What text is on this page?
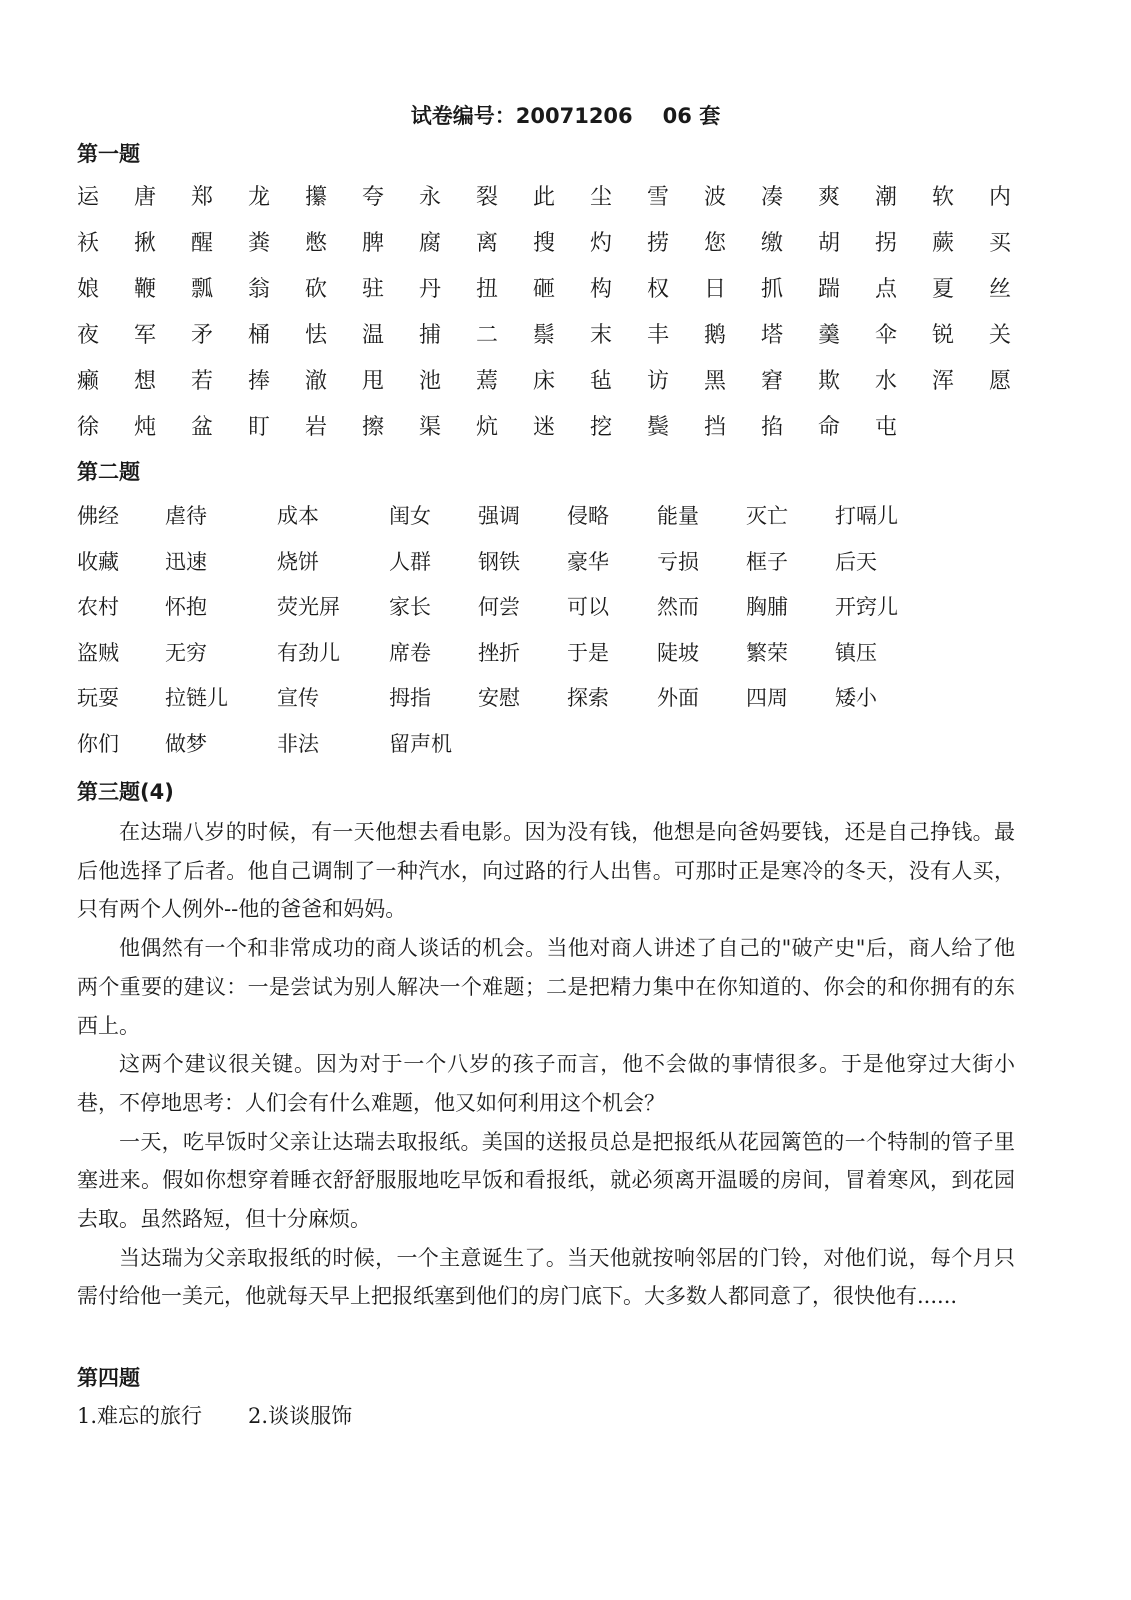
试卷编号：20071206 06 套
第一题
运	唐	郑	龙	攥	夸	永	裂	此	尘	雪	波	凑	爽	潮	软	内
袄	揪	醒	粪	憋	脾	腐	离	搜	灼	捞	您	缴	胡	拐	蕨	买
娘	鞭	瓢	翁	砍	驻	丹	扭	砸	构	权	日	抓	踹	点	夏	丝
夜	军	矛	桶	怯	温	捕	二	鬃	末	丰	鹅	塔	羹	伞	锐	关
癞	想	若	捧	澈	甩	池	蔫	床	毡	访	黑	窘	欺	水	浑	愿
徐	炖	盆	盯	岩	擦	渠	炕	迷	挖	鬓	挡	掐	命	屯
第二题
佛经 虐待	成本	闺女 强调 侵略 能量 灭亡 打嗝儿
收藏 迅速	烧饼	人群 钢铁 豪华 亏损 框子 后天
农村 怀抱	荧光屏 家长 何尝 可以 然而 胸脯 开窍儿
盗贼 无穷	有劲儿 席卷 挫折 于是 陡坡 繁荣 镇压
玩耍 拉链儿 宣传	拇指 安慰 探索 外面 四周 矮小
你们 做梦	非法	留声机
第三题(4)

在达瑞八岁的时候，有一天他想去看电影。因为没有钱，他想是向爸妈要钱，还是自己挣钱。最后他选择了后者。他自己调制了一种汽水，向过路的行人出售。可那时正是寒冷的冬天，没有人买，只有两个人例外--他的爸爸和妈妈。

他偶然有一个和非常成功的商人谈话的机会。当他对商人讲述了自己的"破产史"后，商人给了他两个重要的建议：一是尝试为别人解决一个难题；二是把精力集中在你知道的、你会的和你拥有的东西上。

这两个建议很关键。因为对于一个八岁的孩子而言，他不会做的事情很多。于是他穿过大街小巷，不停地思考：人们会有什么难题，他又如何利用这个机会？

一天，吃早饭时父亲让达瑞去取报纸。美国的送报员总是把报纸从花园篱笆的一个特制的管子里塞进来。假如你想穿着睡衣舒舒服服地吃早饭和看报纸，就必须离开温暖的房间，冒着寒风，到花园去取。虽然路短，但十分麻烦。

当达瑞为父亲取报纸的时候，一个主意诞生了。当天他就按响邻居的门铃，对他们说，每个月只需付给他一美元，他就每天早上把报纸塞到他们的房门底下。大多数人都同意了，很快他有......

第四题
1.难忘的旅行 2.谈谈服饰
